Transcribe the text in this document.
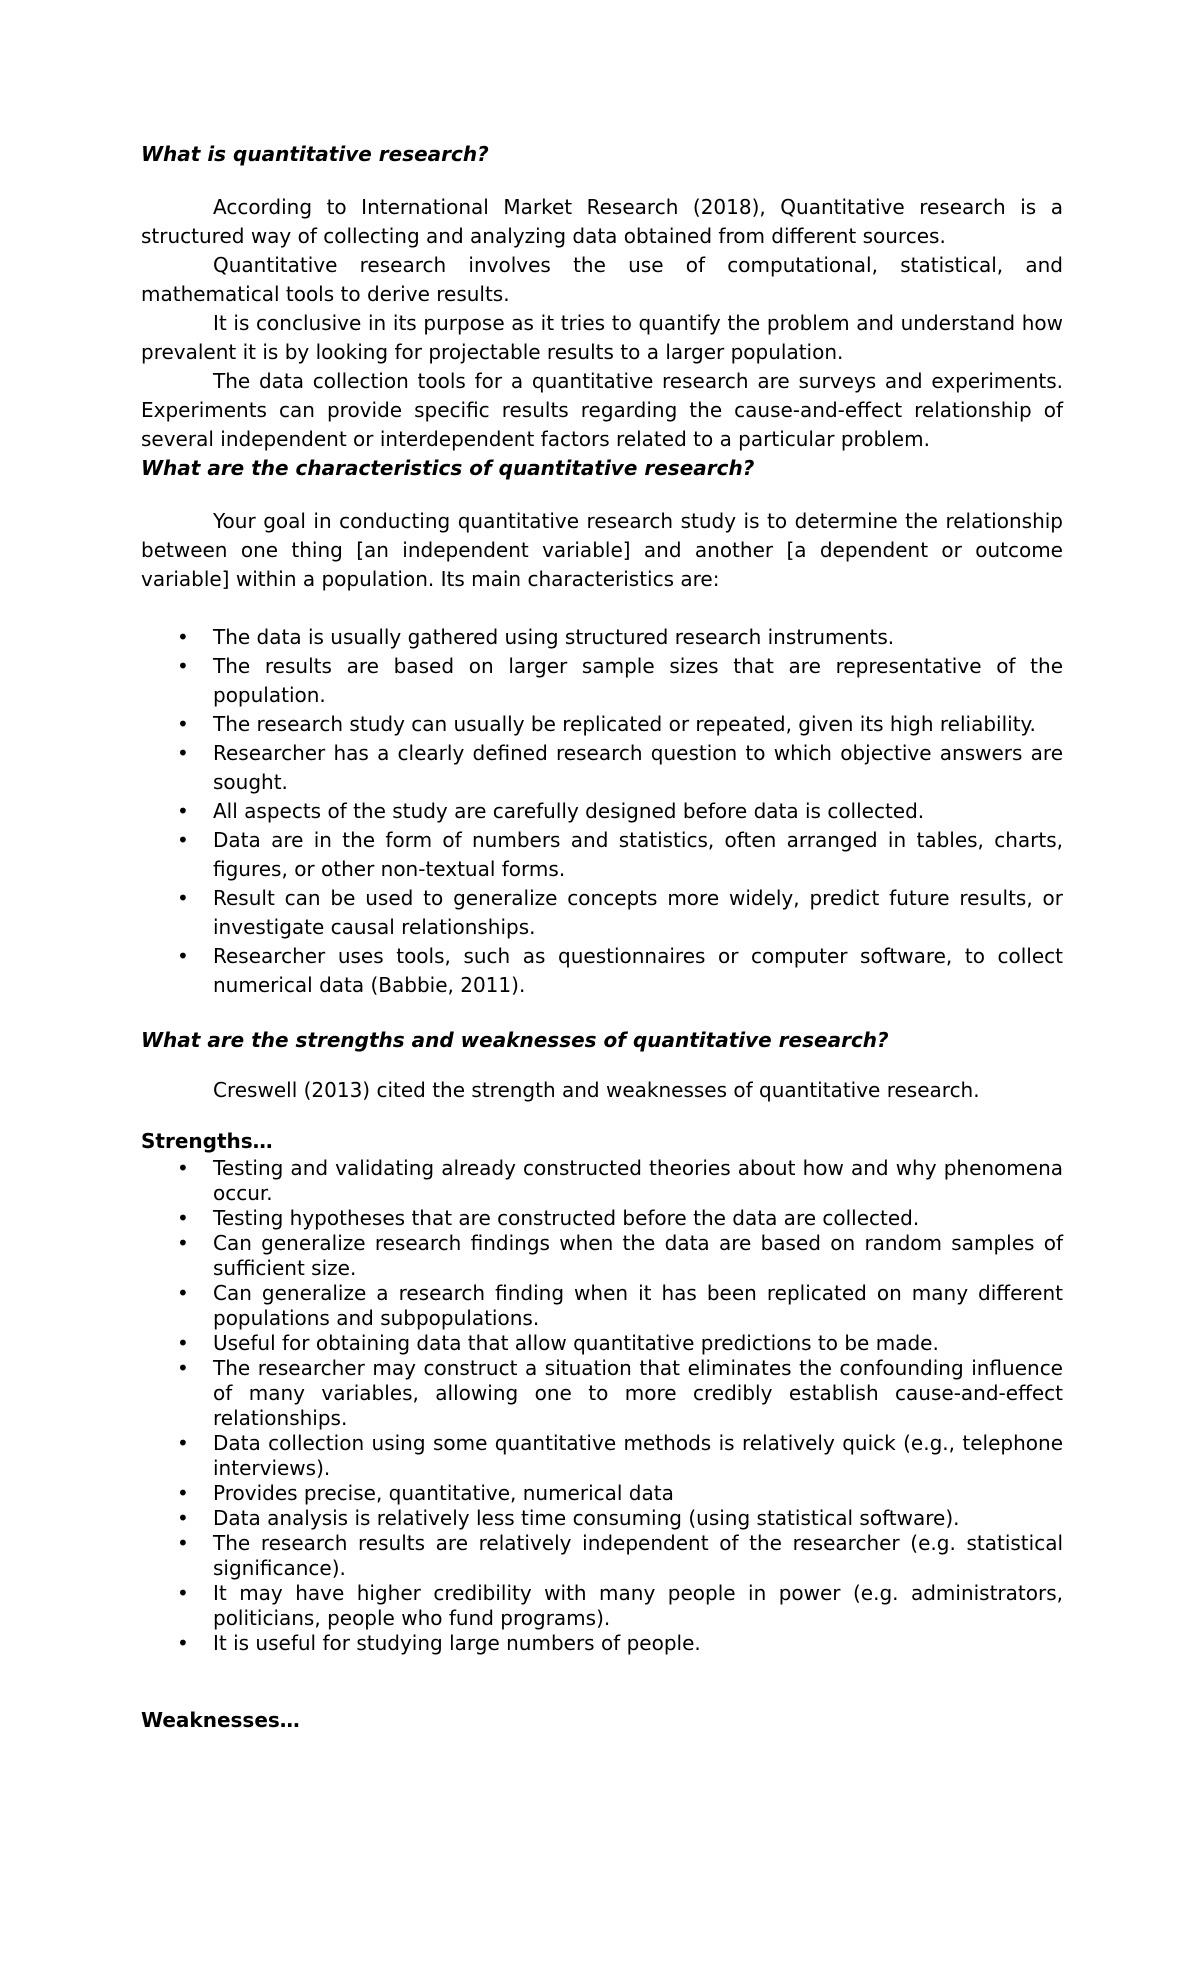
What is quantitative research?

According to International Market Research (2018), Quantitative research is a structured way of collecting and analyzing data obtained from different sources.

Quantitative research involves the use of computational, statistical, and mathematical tools to derive results.

It is conclusive in its purpose as it tries to quantify the problem and understand how prevalent it is by looking for projectable results to a larger population.

The data collection tools for a quantitative research are surveys and experiments. Experiments can provide specific results regarding the cause-and-effect relationship of several independent or interdependent factors related to a particular problem.

What are the characteristics of quantitative research?

Your goal in conducting quantitative research study is to determine the relationship between one thing [an independent variable] and another [a dependent or outcome variable] within a population. Its main characteristics are:

• The data is usually gathered using structured research instruments.
• The results are based on larger sample sizes that are representative of the population.
• The research study can usually be replicated or repeated, given its high reliability.
• Researcher has a clearly defined research question to which objective answers are sought.
• All aspects of the study are carefully designed before data is collected.
• Data are in the form of numbers and statistics, often arranged in tables, charts, figures, or other non-textual forms.
• Result can be used to generalize concepts more widely, predict future results, or investigate causal relationships.
• Researcher uses tools, such as questionnaires or computer software, to collect numerical data (Babbie, 2011).

What are the strengths and weaknesses of quantitative research?

Creswell (2013) cited the strength and weaknesses of quantitative research.

Strengths…

• Testing and validating already constructed theories about how and why phenomena occur.
• Testing hypotheses that are constructed before the data are collected.
• Can generalize research findings when the data are based on random samples of sufficient size.
• Can generalize a research finding when it has been replicated on many different populations and subpopulations.
• Useful for obtaining data that allow quantitative predictions to be made.
• The researcher may construct a situation that eliminates the confounding influence of many variables, allowing one to more credibly establish cause-and-effect relationships.
• Data collection using some quantitative methods is relatively quick (e.g., telephone interviews).
• Provides precise, quantitative, numerical data
• Data analysis is relatively less time consuming (using statistical software).
• The research results are relatively independent of the researcher (e.g. statistical significance).
• It may have higher credibility with many people in power (e.g. administrators, politicians, people who fund programs).
• It is useful for studying large numbers of people.

Weaknesses…
